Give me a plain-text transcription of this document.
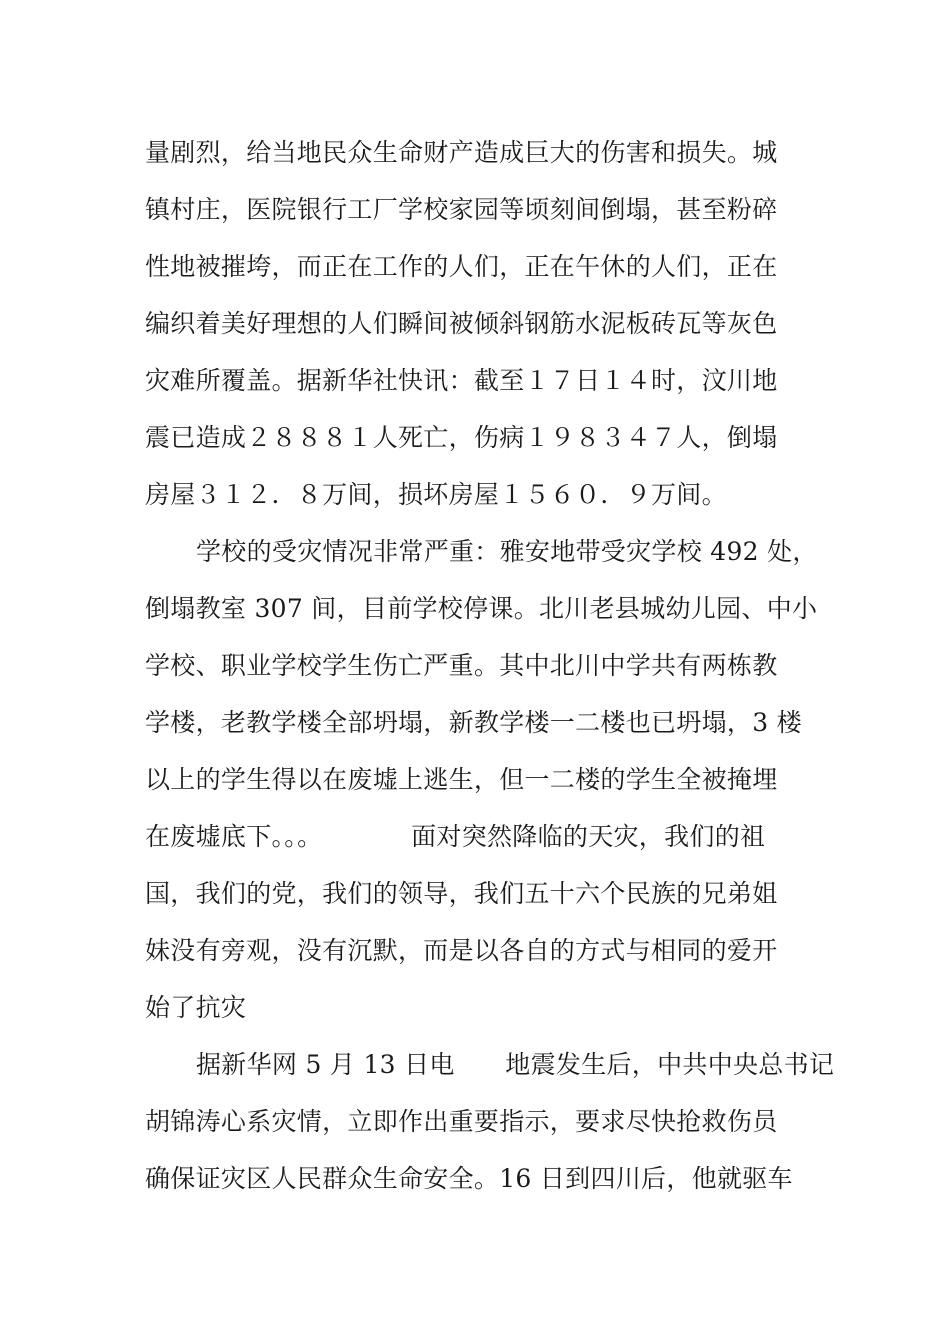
量剧烈，给当地民众生命财产造成巨大的伤害和损失。城
镇村庄，医院银行工厂学校家园等顷刻间倒塌，甚至粉碎
性地被摧垮，而正在工作的人们，正在午休的人们，正在
编织着美好理想的人们瞬间被倾斜钢筋水泥板砖瓦等灰色
灾难所覆盖。据新华社快讯：截至１７日１４时，汶川地
震已造成２８８８１人死亡，伤病１９８３４７人，倒塌
房屋３１２．８万间，损坏房屋１５６０．９万间。
学校的受灾情况非常严重：雅安地带受灾学校 492 处，
倒塌教室 307 间，目前学校停课。北川老县城幼儿园、中小
学校、职业学校学生伤亡严重。其中北川中学共有两栋教
学楼，老教学楼全部坍塌，新教学楼一二楼也已坍塌，3 楼
以上的学生得以在废墟上逃生，但一二楼的学生全被掩埋
在废墟底下。。。　　　　面对突然降临的天灾，我们的祖
国，我们的党，我们的领导，我们五十六个民族的兄弟姐
妹没有旁观，没有沉默，而是以各自的方式与相同的爱开
始了抗灾
据新华网 5 月 13 日电　　地震发生后，中共中央总书记
胡锦涛心系灾情，立即作出重要指示，要求尽快抢救伤员
确保证灾区人民群众生命安全。16 日到四川后，他就驱车
